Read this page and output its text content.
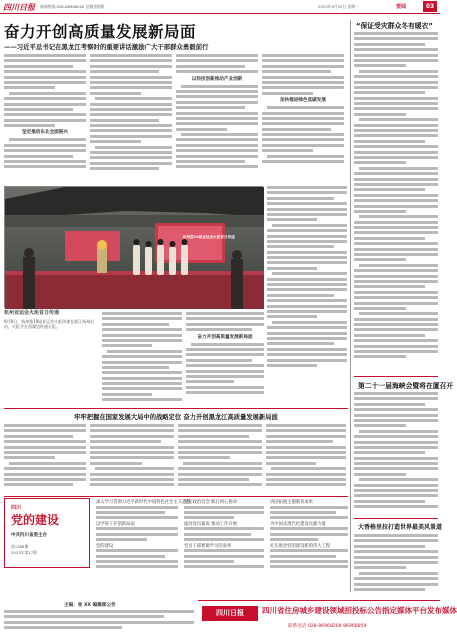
四川日报 新闻热线:028-86968000 总编室值班	2023年9月25日 星期一	要闻	03
奋力开创高质量发展新局面
——习近平总书记在黑龙江考察时的重要讲话激励广大干部群众勇毅前行
坚定推动东北全面振兴
以科技创新推动产业创新
加快推进绿色低碳发展
杭州第19届亚运会火炬首日传递
杭州亚运会火炬首日传递
9月8日，杭州第19届亚运会火炬传递在浙江杭州启动，火炬手在西湖边传递火炬。
奋力开创高质量发展新局面
“保证受灾群众冬有暖衣”
第二十一届海峡会暨将在厦召开
大香格里拉打造世界最美风景道
牢牢把握在国家发展大局中的战略定位 奋力开创黑龙江高质量发展新局面
四川
党的建设
中共四川省委主办
第1568期
2023年第17期
深入学习贯彻习近平新时代中国特色社会主义思想
以学促干开创新局面
党的建设
坚定政治信念 践行初心使命
提高党员素质 推动工作开展
党员干部要做学习的表率
巩固拓展主题教育成果
为中国式现代化建设贡献力量
扎实推进党的建设新的伟大工程
主编：张 XX 编辑部公告
四川日报	四川省住房城乡建设领域招投标公告指定媒体平台发布媒体
联系电话 028-86968208 86968859
